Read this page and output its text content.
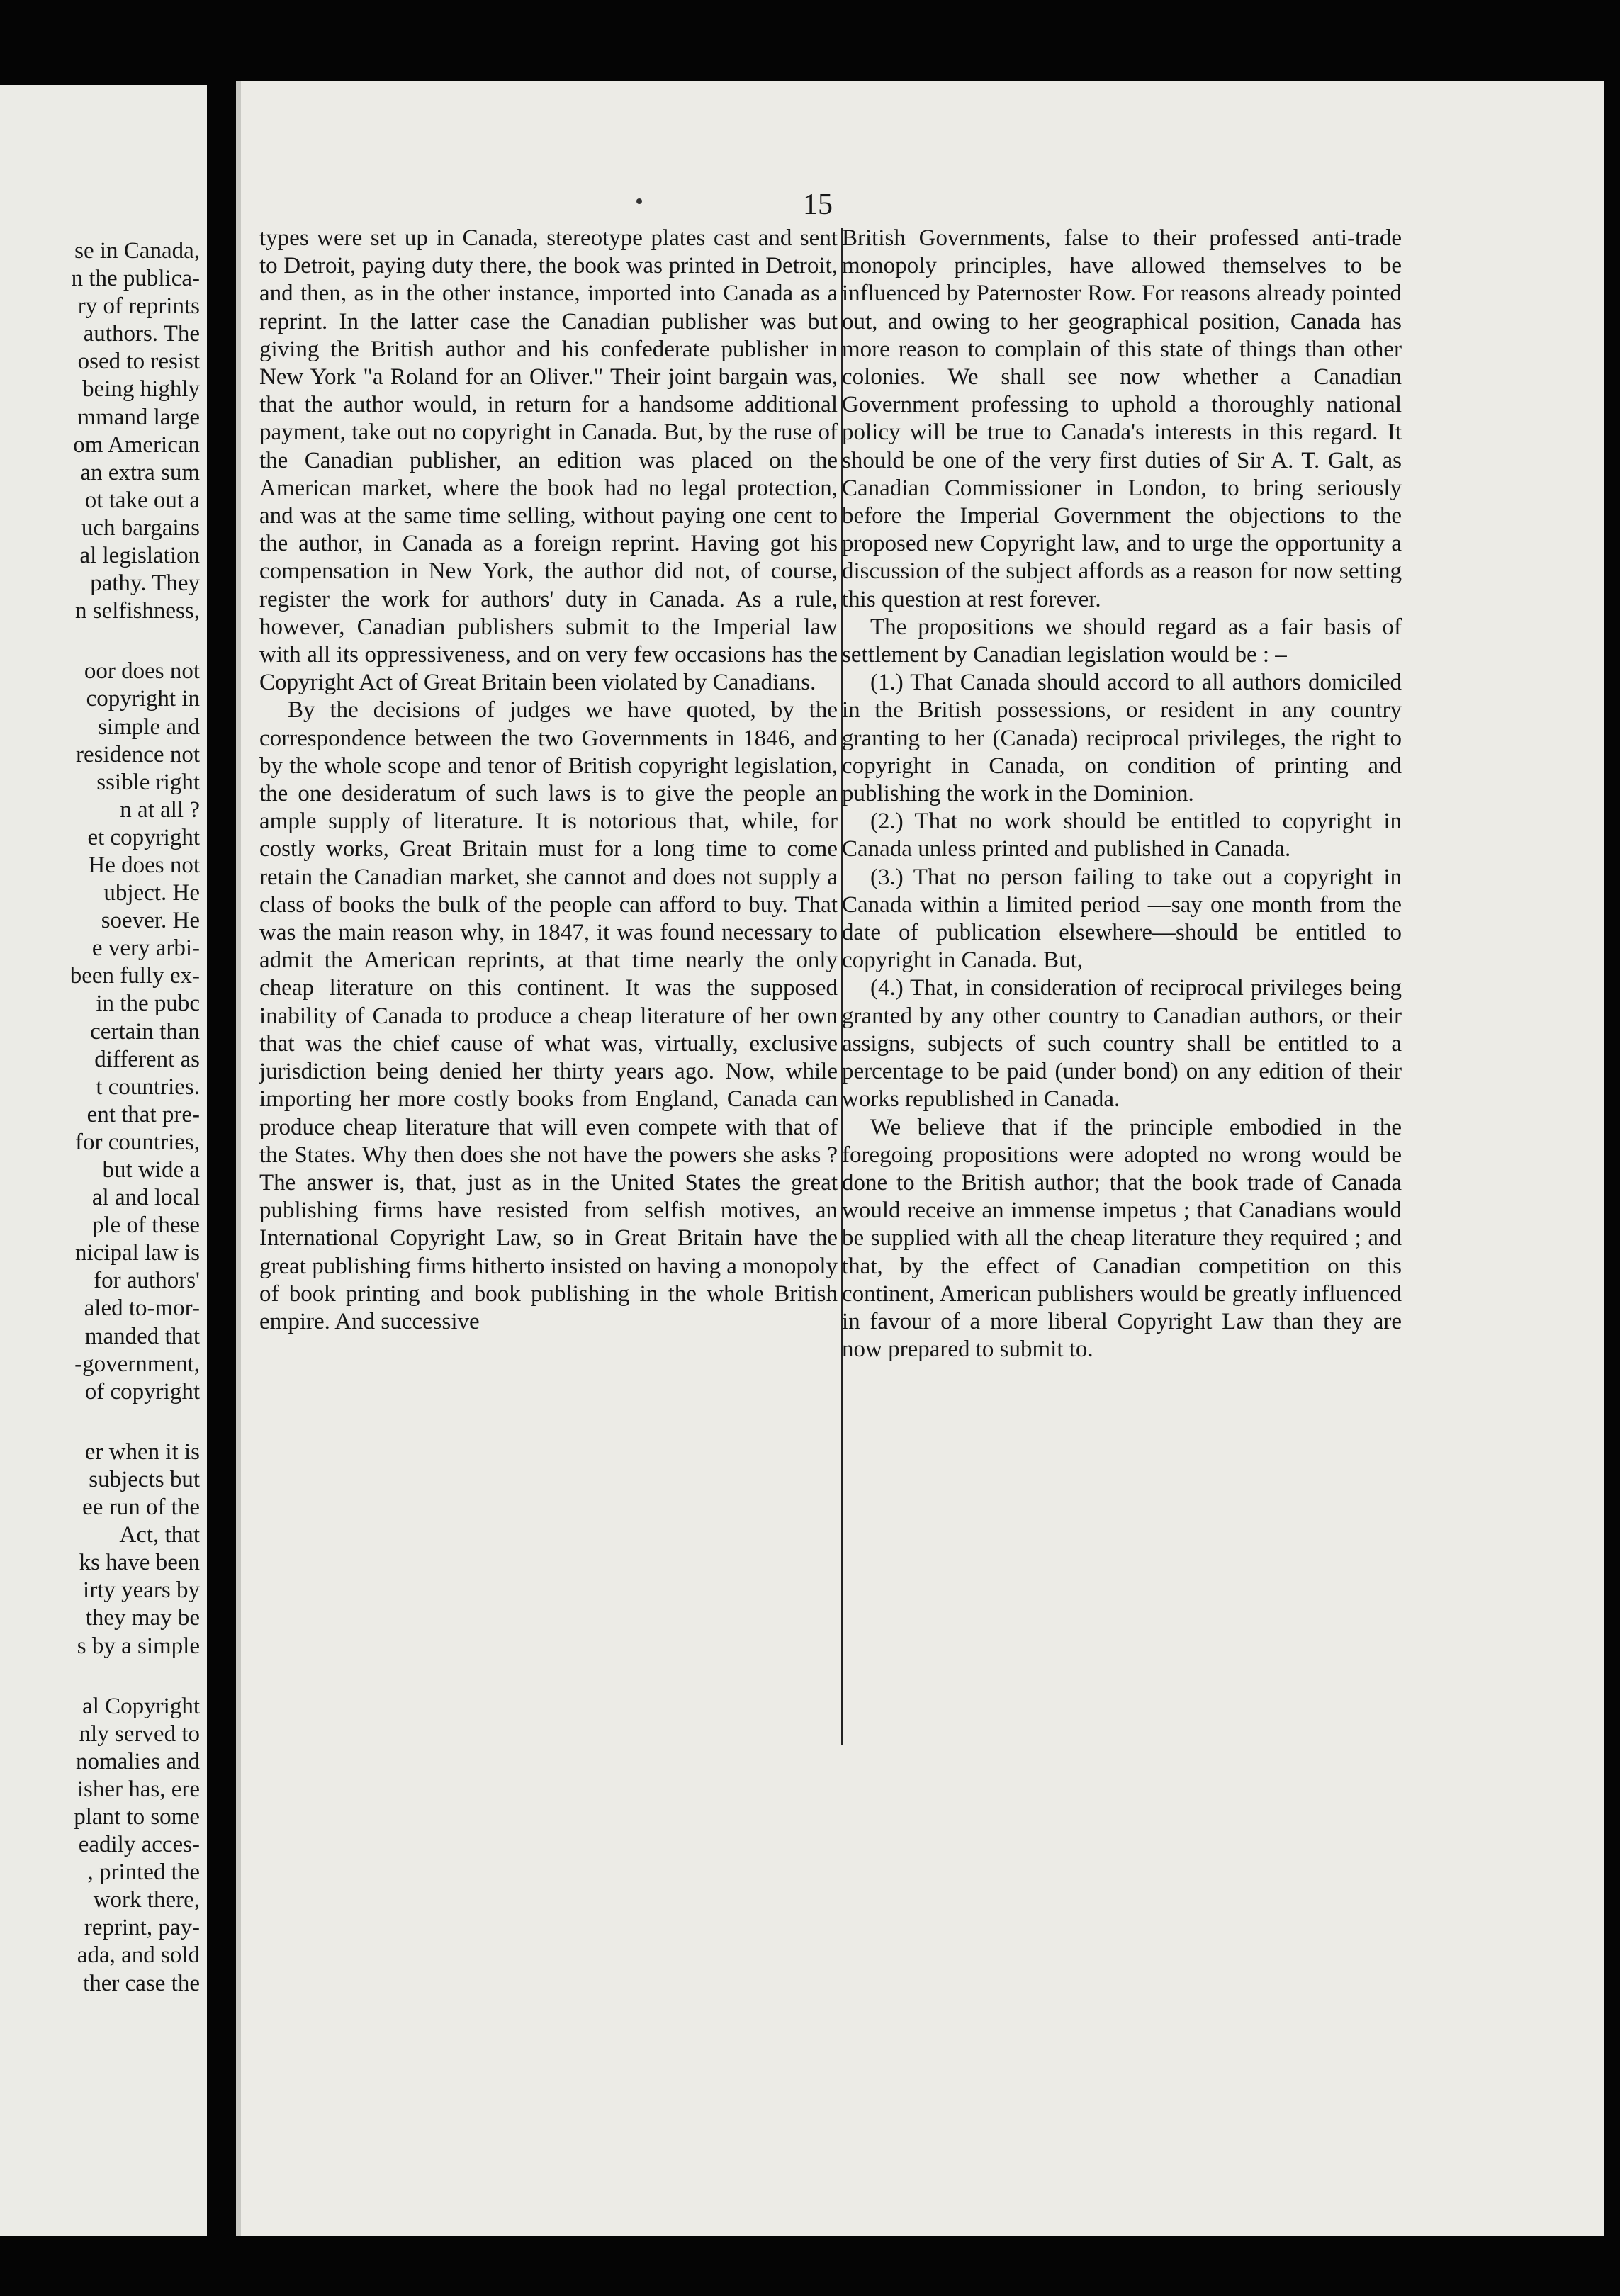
se in Canada,
n the publica-
ry of reprints
authors. The
osed to resist
being highly
mmand large
om American
an extra sum
ot take out a
uch bargains
al legislation
pathy. They
n selfishness,
oor does not
copyright in
simple and
residence not
ssible right
n at all ?
et copyright
He does not
ubject. He
soever. He
e very arbi-
been fully ex-
in the pubc
certain than
different as
t countries.
ent that pre-
for countries,
but wide a
al and local
ple of these
nicipal law is
for authors'
aled to-mor-
manded that
-government,
of copyright
er when it is
subjects but
ee run of the
Act, that
ks have been
irty years by
they may be
s by a simple
al Copyright
nly served to
nomalies and
isher has, ere
plant to some
eadily acces-
, printed the
work there,
reprint, pay-
ada, and sold
ther case the
15

types were set up in Canada, stereotype plates cast and sent to Detroit, paying duty there, the book was printed in Detroit, and then, as in the other instance, imported into Canada as a reprint. In the latter case the Canadian publisher was but giving the British author and his confederate publisher in New York "a Roland for an Oliver." Their joint bargain was, that the author would, in return for a handsome additional payment, take out no copyright in Canada. But, by the ruse of the Canadian publisher, an edition was placed on the American market, where the book had no legal protection, and was at the same time selling, without paying one cent to the author, in Canada as a foreign reprint. Having got his compensation in New York, the author did not, of course, register the work for authors' duty in Canada. As a rule, however, Canadian publishers submit to the Imperial law with all its oppressiveness, and on very few occasions has the Copyright Act of Great Britain been violated by Canadians.

By the decisions of judges we have quoted, by the correspondence between the two Governments in 1846, and by the whole scope and tenor of British copyright legislation, the one desideratum of such laws is to give the people an ample supply of literature. It is notorious that, while, for costly works, Great Britain must for a long time to come retain the Canadian market, she cannot and does not supply a class of books the bulk of the people can afford to buy. That was the main reason why, in 1847, it was found necessary to admit the American reprints, at that time nearly the only cheap literature on this continent. It was the supposed inability of Canada to produce a cheap literature of her own that was the chief cause of what was, virtually, exclusive jurisdiction being denied her thirty years ago. Now, while importing her more costly books from England, Canada can produce cheap literature that will even compete with that of the States. Why then does she not have the powers she asks ? The answer is, that, just as in the United States the great publishing firms have resisted from selfish motives, an International Copyright Law, so in Great Britain have the great publishing firms hitherto insisted on having a monopoly of book printing and book publishing in the whole British empire. And successive

British Governments, false to their professed anti-trade monopoly principles, have allowed themselves to be influenced by Paternoster Row. For reasons already pointed out, and owing to her geographical position, Canada has more reason to complain of this state of things than other colonies. We shall see now whether a Canadian Government professing to uphold a thoroughly national policy will be true to Canada's interests in this regard. It should be one of the very first duties of Sir A. T. Galt, as Canadian Commissioner in London, to bring seriously before the Imperial Government the objections to the proposed new Copyright law, and to urge the opportunity a discussion of the subject affords as a reason for now setting this question at rest forever.

The propositions we should regard as a fair basis of settlement by Canadian legislation would be : –

(1.) That Canada should accord to all authors domiciled in the British possessions, or resident in any country granting to her (Canada) reciprocal privileges, the right to copyright in Canada, on condition of printing and publishing the work in the Dominion.

(2.) That no work should be entitled to copyright in Canada unless printed and published in Canada.

(3.) That no person failing to take out a copyright in Canada within a limited period —say one month from the date of publication elsewhere—should be entitled to copyright in Canada. But,

(4.) That, in consideration of reciprocal privileges being granted by any other country to Canadian authors, or their assigns, subjects of such country shall be entitled to a percentage to be paid (under bond) on any edition of their works republished in Canada.

We believe that if the principle embodied in the foregoing propositions were adopted no wrong would be done to the British author; that the book trade of Canada would receive an immense impetus ; that Canadians would be supplied with all the cheap literature they required ; and that, by the effect of Canadian competition on this continent, American publishers would be greatly influenced in favour of a more liberal Copyright Law than they are now prepared to submit to.
